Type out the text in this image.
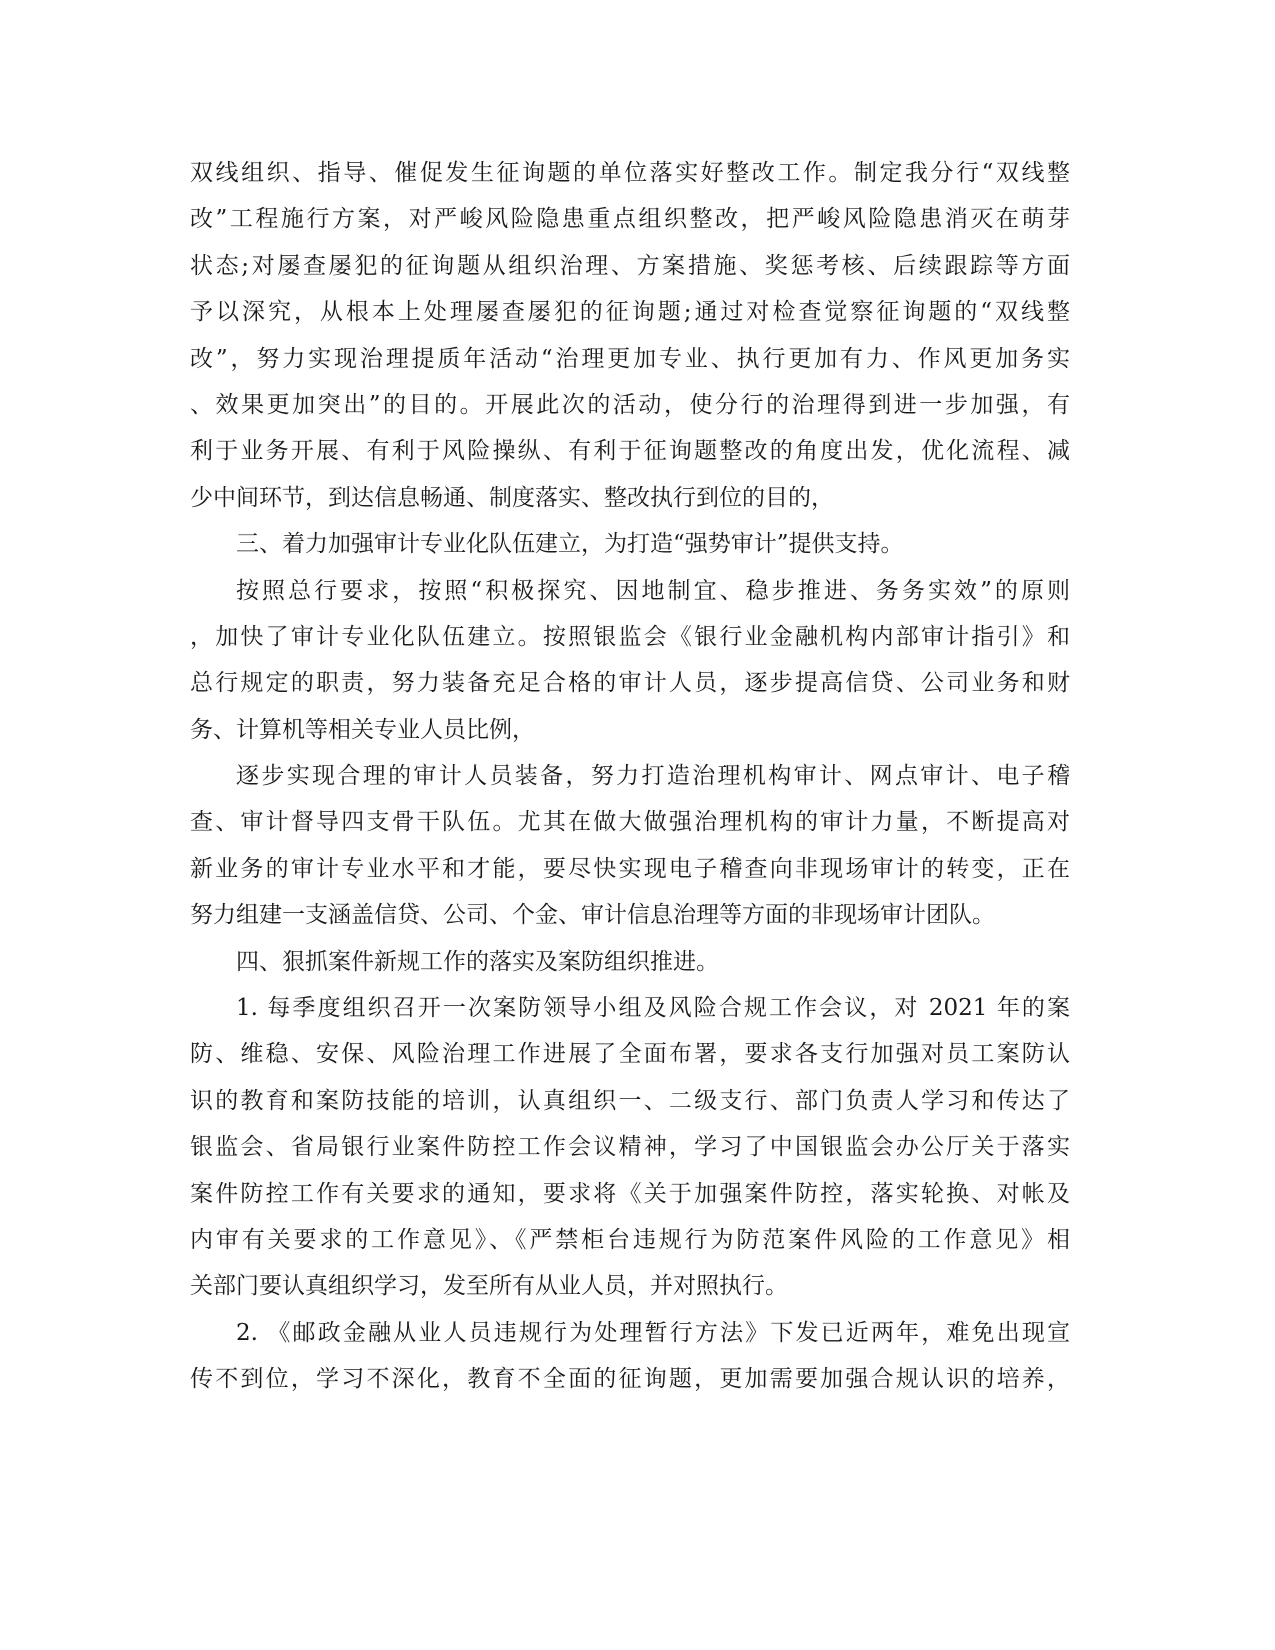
双线组织、指导、催促发生征询题的单位落实好整改工作。制定我分行“双线整
改”工程施行方案，对严峻风险隐患重点组织整改，把严峻风险隐患消灭在萌芽
状态;对屡查屡犯的征询题从组织治理、方案措施、奖惩考核、后续跟踪等方面
予以深究，从根本上处理屡查屡犯的征询题;通过对检查觉察征询题的“双线整
改”，努力实现治理提质年活动“治理更加专业、执行更加有力、作风更加务实
、效果更加突出”的目的。开展此次的活动，使分行的治理得到进一步加强，有
利于业务开展、有利于风险操纵、有利于征询题整改的角度出发，优化流程、减
少中间环节，到达信息畅通、制度落实、整改执行到位的目的，
三、着力加强审计专业化队伍建立，为打造“强势审计”提供支持。
按照总行要求，按照“积极探究、因地制宜、稳步推进、务务实效”的原则
，加快了审计专业化队伍建立。按照银监会《银行业金融机构内部审计指引》和
总行规定的职责，努力装备充足合格的审计人员，逐步提高信贷、公司业务和财
务、计算机等相关专业人员比例，
逐步实现合理的审计人员装备，努力打造治理机构审计、网点审计、电子稽
查、审计督导四支骨干队伍。尤其在做大做强治理机构的审计力量，不断提高对
新业务的审计专业水平和才能，要尽快实现电子稽查向非现场审计的转变，正在
努力组建一支涵盖信贷、公司、个金、审计信息治理等方面的非现场审计团队。
四、狠抓案件新规工作的落实及案防组织推进。
1. 每季度组织召开一次案防领导小组及风险合规工作会议，对 2021 年的案
防、维稳、安保、风险治理工作进展了全面布署，要求各支行加强对员工案防认
识的教育和案防技能的培训，认真组织一、二级支行、部门负责人学习和传达了
银监会、省局银行业案件防控工作会议精神，学习了中国银监会办公厅关于落实
案件防控工作有关要求的通知，要求将《关于加强案件防控，落实轮换、对帐及
内审有关要求的工作意见》、《严禁柜台违规行为防范案件风险的工作意见》相
关部门要认真组织学习，发至所有从业人员，并对照执行。
2. 《邮政金融从业人员违规行为处理暂行方法》下发已近两年，难免出现宣
传不到位，学习不深化，教育不全面的征询题，更加需要加强合规认识的培养，
